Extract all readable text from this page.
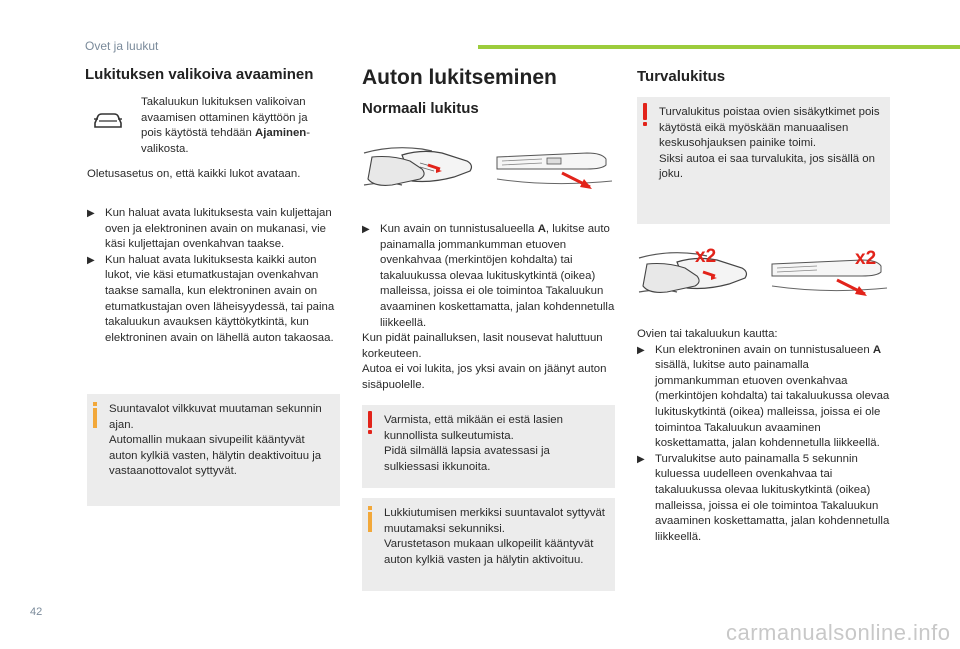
Ovet ja luukut
Lukituksen valikoiva avaaminen
Takaluukun lukituksen valikoivan
avaamisen ottaminen käyttöön ja
pois käytöstä tehdään Ajaminen-
valikosta.
Oletusasetus on, että kaikki lukot avataan.
▶ Kun haluat avata lukituksesta vain kuljettajan oven ja elektroninen avain on mukanasi, vie käsi kuljettajan ovenkahvan taakse.
▶ Kun haluat avata lukituksesta kaikki auton lukot, vie käsi etumatkustajan ovenkahvan taakse samalla, kun elektroninen avain on etumatkustajan oven läheisyydessä, tai paina takaluukun avauksen käyttökytkintä, kun elektroninen avain on lähellä auton takaosaa.
Suuntavalot vilkkuvat muutaman sekunnin ajan.
Automallin mukaan sivupeilit kääntyvät auton kylkiä vasten, hälytin deaktivoituu ja vastaanottovalot syttyvät.
Auton lukitseminen
Normaali lukitus
▶ Kun avain on tunnistusalueella A, lukitse auto painamalla jommankumman etuoven ovenkahvaa (merkintöjen kohdalta) tai takaluukussa olevaa lukituskytkintä (oikea) malleissa, joissa ei ole toimintoa Takaluukun avaaminen koskettamatta, jalan kohdennetulla liikkeellä.
Kun pidät painalluksen, lasit nousevat haluttuun korkeuteen.
Autoa ei voi lukita, jos yksi avain on jäänyt auton sisäpuolelle.
Varmista, että mikään ei estä lasien kunnollista sulkeutumista.
Pidä silmällä lapsia avatessasi ja sulkiessasi ikkunoita.
Lukkiutumisen merkiksi suuntavalot syttyvät muutamaksi sekunniksi.
Varustetason mukaan ulkopeilit kääntyvät auton kylkiä vasten ja hälytin aktivoituu.
Turvalukitus
Turvalukitus poistaa ovien sisäkytkimet pois käytöstä eikä myöskään manuaalisen keskusohjauksen painike toimi.
Siksi autoa ei saa turvalukita, jos sisällä on joku.
x2	x2
Ovien tai takaluukun kautta:
▶ Kun elektroninen avain on tunnistusalueen A sisällä, lukitse auto painamalla jommankumman etuoven ovenkahvaa (merkintöjen kohdalta) tai takaluukussa olevaa lukituskytkintä (oikea) malleissa, joissa ei ole toimintoa Takaluukun avaaminen koskettamatta, jalan kohdennetulla liikkeellä.
▶ Turvalukitse auto painamalla 5 sekunnin kuluessa uudelleen ovenkahvaa tai takaluukussa olevaa lukituskytkintä (oikea) malleissa, joissa ei ole toimintoa Takaluukun avaaminen koskettamatta, jalan kohdennetulla liikkeellä.
42
carmanualsonline.info
